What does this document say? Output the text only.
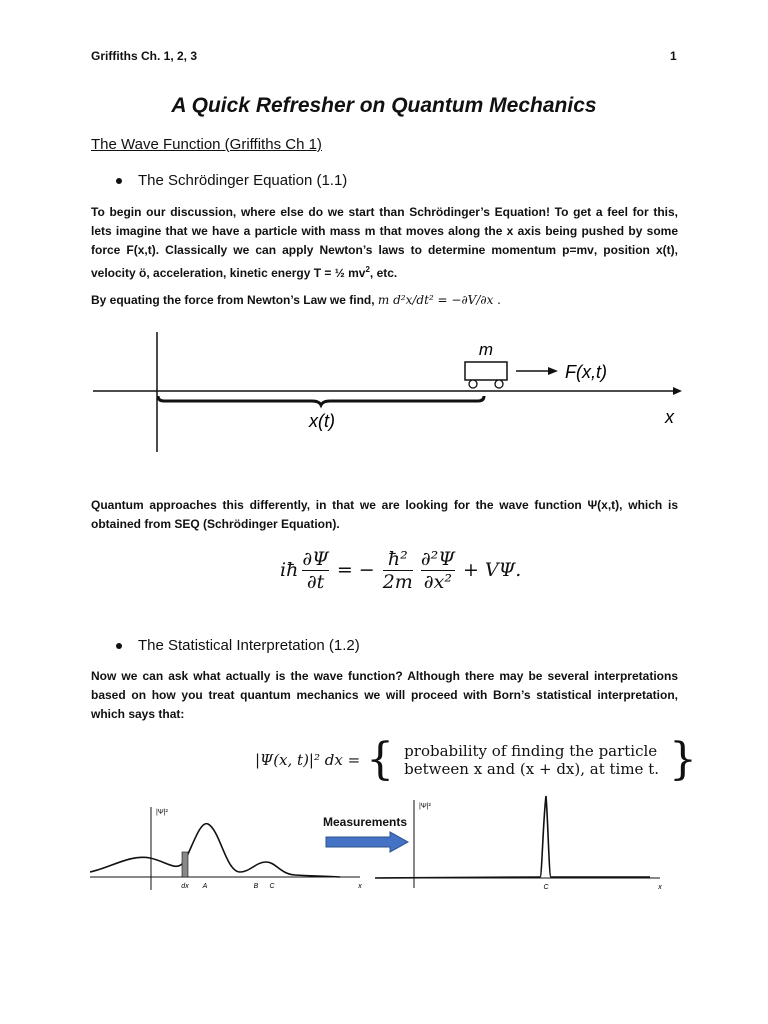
Griffiths Ch. 1, 2, 3	1
A Quick Refresher on Quantum Mechanics
The Wave Function (Griffiths Ch 1)
The Schrödinger Equation (1.1)
To begin our discussion, where else do we start than Schrödinger’s Equation! To get a feel for this, lets imagine that we have a particle with mass m that moves along the x axis being pushed by some force F(x,t). Classically we can apply Newton’s laws to determine momentum p=mv, position x(t), velocity ö, acceleration, kinetic energy T = ½ $mv^2$, etc.
By equating the force from Newton’s Law we find, m d²x/dt² = −∂V/∂x .
m
F(x,t)
x(t)	x
Quantum approaches this differently, in that we are looking for the wave function Ψ(x,t), which is obtained from SEQ (Schrödinger Equation).
iħ $\frac{\partial\Psi}{\partial t}$ = − $\frac{\text{ħ²}}{2m} \frac{\text{∂²Ψ}}{\text{∂x²}} + V\Psi$.
The Statistical Interpretation (1.2)
Now we can ask what actually is the wave function? Although there may be several interpretations based on how you treat quantum mechanics we will proceed with Born’s statistical interpretation, which says that:
|Ψ(x, t)|² dx = { probability of finding the particle
between x and (x + dx), at time t. }
|Ψ|²
dx A	B C	x
Measurements
|Ψ|²
C	x
